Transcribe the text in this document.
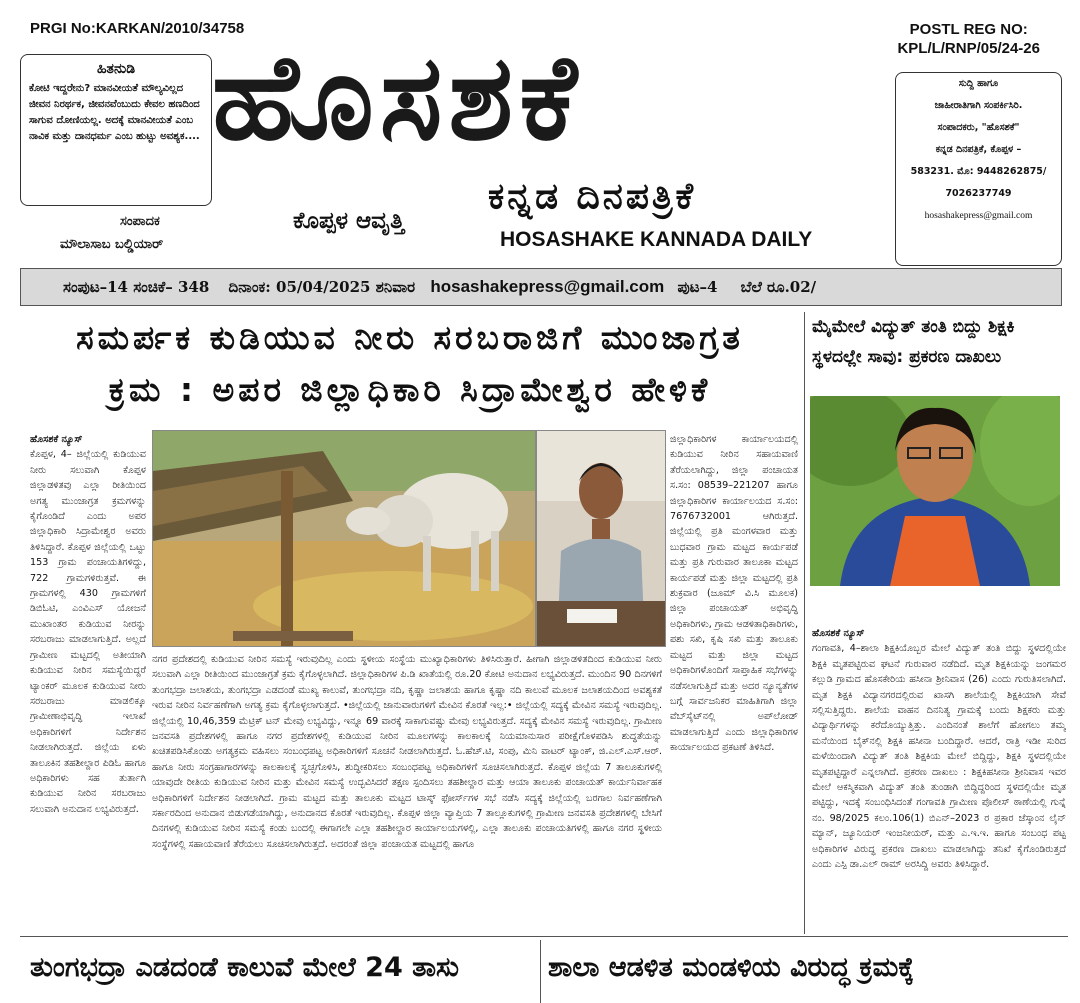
PRGI No:KARKAN/2010/34758	POSTL REG NO:
KPL/L/RNP/05/24-26
ಹಿತನುಡಿ
ಕೋಟಿ ಇದ್ದರೇನು? ಮಾನವೀಯತೆ ಮೌಲ್ಯವಿಲ್ಲದ ಜೀವನ ನಿರರ್ಥಕ, ಜೀವನವೆಂಬುದು ಕೇವಲ ಹಣದಿಂದ ಸಾಗುವ ದೋಣಿಯಲ್ಲ. ಅದಕ್ಕೆ ಮಾನವೀಯತೆ ಎಂಬ ನಾವಿಕ ಮತ್ತು ದಾನಧರ್ಮ ಎಂಬ ಹುಟ್ಟು ಅವಶ್ಯಕ.... ಹೊಸಶಕೆ
ಕನ್ನಡ ದಿನಪತ್ರಿಕೆ
HOSASHAKE KANNADA DAILY
ಕೊಪ್ಪಳ ಆವೃತ್ತಿ
ಸಂಪಾದಕ
ಮೌಲಾಸಾಬ ಬಲ್ಡಿಯಾರ್
ಸುದ್ದಿ ಹಾಗೂ
ಜಾಹೀರಾತಿಗಾಗಿ ಸಂಪರ್ಕಿಸಿರಿ.
ಸಂಪಾದಕರು, "ಹೊಸಶಕೆ"
ಕನ್ನಡ ದಿನಪತ್ರಿಕೆ, ಕೊಪ್ಪಳ –
583231. ಮೊ: 9448262875/
7026237749
hosashakepress@gmail.com
ಸಂಪುಟ–14 ಸಂಚಿಕೆ– 348 ದಿನಾಂಕ: 05/04/2025 ಶನಿವಾರ hosashakepress@gmail.com ಪುಟ–4 ಬೆಲೆ ರೂ.02/
ಸಮರ್ಪಕ ಕುಡಿಯುವ ನೀರು ಸರಬರಾಜಿಗೆ ಮುಂಜಾಗ್ರತ
ಕ್ರಮ : ಅಪರ ಜಿಲ್ಲಾಧಿಕಾರಿ ಸಿದ್ರಾಮೇಶ್ವರ ಹೇಳಿಕೆ
ಮೈಮೇಲೆ ವಿದ್ಯುತ್ ತಂತಿ ಬಿದ್ದು ಶಿಕ್ಷಕಿ ಸ್ಥಳದಲ್ಲೇ ಸಾವು: ಪ್ರಕರಣ ದಾಖಲು
ಹೊಸಶಕೆ ನ್ಯೂಸ್
ಕೊಪ್ಪಳ, 4– ಜಿಲ್ಲೆಯಲ್ಲಿ ಕುಡಿಯುವ ನೀರು ಸಲುವಾಗಿ ಕೊಪ್ಪಳ ಜಿಲ್ಲಾಡಳಿತವು ಎಲ್ಲಾ ರೀತಿಯಿಂದ ಅಗತ್ಯ ಮುಂಜಾಗ್ರತ ಕ್ರಮಗಳನ್ನು ಕೈಗೊಂಡಿದೆ ಎಂದು ಅಪರ ಜಿಲ್ಲಾಧಿಕಾರಿ ಸಿದ್ರಾಮೇಶ್ವರ ಅವರು ತಿಳಿಸಿದ್ದಾರೆ. ಕೊಪ್ಪಳ ಜಿಲ್ಲೆಯಲ್ಲಿ ಒಟ್ಟು 153 ಗ್ರಾಮ ಪಂಚಾಯತಿಗಳಿದ್ದು, 722 ಗ್ರಾಮಗಳಿರುತ್ತವೆ. ಈ ಗ್ರಾಮಗಳಲ್ಲಿ 430 ಗ್ರಾಮಗಳಿಗೆ ಡಿಬಿಓಟಿ, ಎಂವಿಎಸ್ ಯೋಜನೆ ಮುಖಾಂತರ ಕುಡಿಯುವ ನೀರನ್ನು ಸರಬರಾಜು ಮಾಡಲಾಗುತ್ತಿದೆ. ಅಲ್ಲದೆ ಗ್ರಾಮೀಣ ಮಟ್ಟದಲ್ಲಿ ಅತೀಯಾಗಿ ಕುಡಿಯುವ ನೀರಿನ ಸಮಸ್ಯೆಯಿದ್ದರೆ ಟ್ಯಾಂಕರ್ ಮೂಲಕ ಕುಡಿಯುವ ನೀರು ಸರಬರಾಜು ಮಾಡಲಿಕ್ಕೂ ಗ್ರಾಮೀಣಾಭಿವೃದ್ಧಿ ಇಲಾಖೆ ಅಧಿಕಾರಿಗಳಿಗೆ ನಿರ್ದೇಶನ ನೀಡಲಾಗಿರುತ್ತದೆ. ಜಿಲ್ಲೆಯ ಏಳು ತಾಲೂಕಿನ ತಹಶೀಲ್ದಾರ ಪಿಡಿಓ ಹಾಗೂ ಅಧಿಕಾರಿಗಳು ಸಹ ತುರ್ತಾಗಿ ಕುಡಿಯುವ ನೀರಿನ ಸರಬರಾಜು ಸಲುವಾಗಿ ಅನುದಾನ ಲಭ್ಯವಿರುತ್ತದೆ.
ನಗರ ಪ್ರದೇಶದಲ್ಲಿ ಕುಡಿಯುವ ನೀರಿನ ಸಮಸ್ಯೆ ಇರುವುದಿಲ್ಲ ಎಂದು ಸ್ಥಳೀಯ ಸಂಸ್ಥೆಯ ಮುಖ್ಯಾಧಿಕಾರಿಗಳು ತಿಳಿಸಿರುತ್ತಾರೆ. ಹೀಗಾಗಿ ಜಿಲ್ಲಾಡಳಿತದಿಂದ ಕುಡಿಯುವ ನೀರು ಸಲುವಾಗಿ ಎಲ್ಲಾ ರೀತಿಯಿಂದ ಮುಂಜಾಗ್ರತೆ ಕ್ರಮ ಕೈಗೊಳ್ಳಲಾಗಿದೆ. ಜಿಲ್ಲಾಧಿಕಾರಿಗಳ ಪಿ.ಡಿ ಖಾತೆಯಲ್ಲಿ ರೂ.20 ಕೋಟಿ ಅನುದಾನ ಲಭ್ಯವಿರುತ್ತದೆ. ಮುಂದಿನ 90 ದಿನಗಳಿಗೆ ತುಂಗಭದ್ರಾ ಜಲಾಶಯ, ತುಂಗಭದ್ರಾ ಎಡದಂಡೆ ಮುಖ್ಯ ಕಾಲುವೆ, ತುಂಗಭದ್ರಾ ನದಿ, ಕೃಷ್ಣಾ ಜಲಾಶಯ ಹಾಗೂ ಕೃಷ್ಣಾ ನದಿ ಕಾಲುವೆ ಮೂಲಕ ಜಲಾಶಯದಿಂದ ಅವಶ್ಯಕತೆ ಇರುವ ನೀರಿನ ನಿರ್ವಹಣೆಗಾಗಿ ಅಗತ್ಯ ಕ್ರಮ ಕೈಗೊಳ್ಳಲಾಗುತ್ತದೆ. •ಜಿಲ್ಲೆಯಲ್ಲಿ ಜಾನುವಾರುಗಳಿಗೆ ಮೇವಿನ ಕೊರತೆ ಇಲ್ಲ:• ಜಿಲ್ಲೆಯಲ್ಲಿ ಸದ್ಯಕ್ಕೆ ಮೇವಿನ ಸಮಸ್ಯೆ ಇರುವುದಿಲ್ಲ. ಜಿಲ್ಲೆಯಲ್ಲಿ 10,46,359 ಮೆಟ್ರಿಕ್ ಟನ್ ಮೇವು ಲಭ್ಯವಿದ್ದು, ಇನ್ನೂ 69 ವಾರಕ್ಕೆ ಸಾಕಾಗುವಷ್ಟು ಮೇವು ಲಭ್ಯವಿರುತ್ತದೆ. ಸದ್ಯಕ್ಕೆ ಮೇವಿನ ಸಮಸ್ಯೆ ಇರುವುದಿಲ್ಲ. ಗ್ರಾಮೀಣ ಜನವಸತಿ ಪ್ರದೇಶಗಳಲ್ಲಿ ಹಾಗೂ ನಗರ ಪ್ರದೇಶಗಳಲ್ಲಿ ಕುಡಿಯುವ ನೀರಿನ ಮೂಲಗಳನ್ನು ಕಾಲಕಾಲಕ್ಕೆ ನಿಯಮಾನುಸಾರ ಪರೀಕ್ಷೆಗೊಳಪಡಿಸಿ ಶುದ್ಧತೆಯನ್ನು ಖಚಿತಪಡಿಸಿಕೊಂಡು ಅಗತ್ಯಕ್ರಮ ವಹಿಸಲು ಸಂಬಂಧಪಟ್ಟ ಅಧಿಕಾರಿಗಳಿಗೆ ಸೂಚನೆ ನೀಡಲಾಗಿರುತ್ತದೆ. ಓ.ಹೆಚ್.ಟಿ, ಸಂಪು, ಮಿನಿ ವಾಟರ್ ಟ್ಯಾಂಕ್, ಜಿ.ಎಲ್.ಎಸ್.ಆರ್. ಹಾಗೂ ನೀರು ಸಂಗ್ರಹಾಗಾರಗಳನ್ನು ಕಾಲಕಾಲಕ್ಕೆ ಸ್ವಚ್ಛಗೊಳಿಸಿ, ಶುದ್ಧೀಕರಿಸಲು ಸಂಬಂಧಪಟ್ಟ ಅಧಿಕಾರಿಗಳಿಗೆ ಸೂಚಿಸಲಾಗಿರುತ್ತದೆ. ಕೊಪ್ಪಳ ಜಿಲ್ಲೆಯ 7 ತಾಲೂಕುಗಳಲ್ಲಿ ಯಾವುದೇ ರೀತಿಯ ಕುಡಿಯುವ ನೀರಿನ ಮತ್ತು ಮೇವಿನ ಸಮಸ್ಯೆ ಉದ್ಭವಿಸಿದರೆ ತಕ್ಷಣ ಸ್ಪಂದಿಸಲು ತಹಶೀಲ್ದಾರ ಮತ್ತು ಆಯಾ ತಾಲೂಕು ಪಂಚಾಯತ್ ಕಾರ್ಯನಿರ್ವಾಹಕ ಅಧಿಕಾರಿಗಳಿಗೆ ನಿರ್ದೇಶನ ನೀಡಲಾಗಿದೆ. ಗ್ರಾಮ ಮಟ್ಟದ ಮತ್ತು ತಾಲೂಕು ಮಟ್ಟದ ಟಾಸ್ಕ್ ಫೋರ್ಸ್‌ಗಳ ಸಭೆ ನಡೆಸಿ ಸದ್ಯಕ್ಕೆ ಜಿಲ್ಲೆಯಲ್ಲಿ ಬರಗಾಲ ನಿರ್ವಹಣೆಗಾಗಿ ಸರ್ಕಾರದಿಂದ ಅನುದಾನ ಬಿಡುಗಡೆಯಾಗಿದ್ದು, ಅನುದಾನದ ಕೊರತೆ ಇರುವುದಿಲ್ಲ. ಕೊಪ್ಪಳ ಜಿಲ್ಲಾ ವ್ಯಾಪ್ತಿಯ 7 ತಾಲ್ಲೂಕುಗಳಲ್ಲಿ ಗ್ರಾಮೀಣ ಜನವಸತಿ ಪ್ರದೇಶಗಳಲ್ಲಿ ಬೇಸಿಗೆ ದಿನಗಳಲ್ಲಿ ಕುಡಿಯುವ ನೀರಿನ ಸಮಸ್ಯೆ ಕಂಡು ಬಂದಲ್ಲಿ ಈಗಾಗಲೇ ಎಲ್ಲಾ ತಹಶೀಲ್ದಾರ ಕಾರ್ಯಾಲಯಗಳಲ್ಲಿ, ಎಲ್ಲಾ ತಾಲೂಕು ಪಂಚಾಯತಿಗಳಲ್ಲಿ ಹಾಗೂ ನಗರ ಸ್ಥಳೀಯ ಸಂಸ್ಥೆಗಳಲ್ಲಿ ಸಹಾಯವಾಣಿ ತೆರೆಯಲು ಸೂಚಿಸಲಾಗಿರುತ್ತದೆ. ಅದರಂತೆ ಜಿಲ್ಲಾ ಪಂಚಾಯತ ಮಟ್ಟದಲ್ಲಿ ಹಾಗೂ
ಜಿಲ್ಲಾಧಿಕಾರಿಗಳ ಕಾರ್ಯಾಲಯದಲ್ಲಿ ಕುಡಿಯುವ ನೀರಿನ ಸಹಾಯವಾಣಿ ತೆರೆಯಲಾಗಿದ್ದು, ಜಿಲ್ಲಾ ಪಂಚಾಯತ ಸ.ಸಂ: 08539–221207 ಹಾಗೂ ಜಿಲ್ಲಾಧಿಕಾರಿಗಳ ಕಾರ್ಯಾಲಯದ ಸ.ಸಂ: 7676732001 ಆಗಿರುತ್ತದೆ. ಜಿಲ್ಲೆಯಲ್ಲಿ ಪ್ರತಿ ಮಂಗಳವಾರ ಮತ್ತು ಬುಧವಾರ ಗ್ರಾಮ ಮಟ್ಟದ ಕಾರ್ಯಪಡೆ ಮತ್ತು ಪ್ರತಿ ಗುರುವಾರ ತಾಲೂಕಾ ಮಟ್ಟದ ಕಾರ್ಯಪಡೆ ಮತ್ತು ಜಿಲ್ಲಾ ಮಟ್ಟದಲ್ಲಿ ಪ್ರತಿ ಶುಕ್ರವಾರ (ಜೂಮ್ ವಿ.ಸಿ ಮೂಲಕ) ಜಿಲ್ಲಾ ಪಂಚಾಯತ್ ಅಭಿವೃದ್ಧಿ ಅಧಿಕಾರಿಗಳು, ಗ್ರಾಮ ಆಡಳಿತಾಧಿಕಾರಿಗಳು, ಪಶು ಸಖಿ, ಕೃಷಿ ಸಖಿ ಮತ್ತು ತಾಲೂಕು ಮಟ್ಟದ ಮತ್ತು ಜಿಲ್ಲಾ ಮಟ್ಟದ ಅಧಿಕಾರಿಗಳೊಂದಿಗೆ ಸಾಪ್ತಾಹಿಕ ಸಭೆಗಳನ್ನು ನಡೆಸಲಾಗುತ್ತಿದೆ ಮತ್ತು ಅದರ ನ್ಯೂನ್ಯತೆಗಳ ಬಗ್ಗೆ ಸಾರ್ವಜನಿಕರ ಮಾಹಿತಿಗಾಗಿ ಜಿಲ್ಲಾ ವೆಬ್‌ಸೈಟ್‌ನಲ್ಲಿ ಅಪ್‌ಲೋಡ್ ಮಾಡಲಾಗುತ್ತಿದೆ ಎಂದು ಜಿಲ್ಲಾಧಿಕಾರಿಗಳ ಕಾರ್ಯಾಲಯದ ಪ್ರಕಟಣೆ ತಿಳಿಸಿದೆ.
ಹೊಸಶಕೆ ನ್ಯೂಸ್
ಗಂಗಾವತಿ, 4–ಶಾಲಾ ಶಿಕ್ಷಕಿಯೊಬ್ಬರ ಮೇಲೆ ವಿದ್ಯುತ್ ತಂತಿ ಬಿದ್ದು ಸ್ಥಳದಲ್ಲಿಯೇ ಶಿಕ್ಷಕಿ ಮೃತಪಟ್ಟಿರುವ ಘಟನೆ ಗುರುವಾರ ನಡೆದಿದೆ. ಮೃತ ಶಿಕ್ಷಕಿಯನ್ನು ಜಂಗಮರ ಕಲ್ಲುಡಿ ಗ್ರಾಮದ ಹೊಸಕೇರಿಯ ಹಸೀನಾ ಶ್ರೀನಿವಾಸ (26) ಎಂದು ಗುರುತಿಸಲಾಗಿದೆ. ಮೃತ ಶಿಕ್ಷಕಿ ವಿದ್ಯಾನಗರದಲ್ಲಿರುವ ಖಾಸಗಿ ಶಾಲೆಯಲ್ಲಿ ಶಿಕ್ಷಕಿಯಾಗಿ ಸೇವೆ ಸಲ್ಲಿಸುತ್ತಿದ್ದರು. ಶಾಲೆಯ ವಾಹನ ದಿನನಿತ್ಯ ಗ್ರಾಮಕ್ಕೆ ಬಂದು ಶಿಕ್ಷಕರು ಮತ್ತು ವಿದ್ಯಾರ್ಥಿಗಳನ್ನು ಕರೆದೊಯ್ಯುತ್ತಿತ್ತು. ಎಂದಿನಂತೆ ಶಾಲೆಗೆ ಹೋಗಲು ತಮ್ಮ ಮನೆಯಿಂದ ಬೈಕ್‌ನಲ್ಲಿ ಶಿಕ್ಷಕಿ ಹಸೀನಾ ಬಂದಿದ್ದಾರೆ. ಆದರೆ, ರಾತ್ರಿ ಇಡೀ ಸುರಿದ ಮಳೆಯಿಂದಾಗಿ ವಿದ್ಯುತ್ ತಂತಿ ಶಿಕ್ಷಕಿಯ ಮೇಲೆ ಬಿದ್ದಿದ್ದು, ಶಿಕ್ಷಕಿ ಸ್ಥಳದಲ್ಲಿಯೇ ಮೃತಪಟ್ಟಿದ್ದಾರೆ ಎನ್ನಲಾಗಿದೆ. ಪ್ರಕರಣ ದಾಖಲು : ಶಿಕ್ಷಕಿಹಸೀನಾ ಶ್ರೀನಿವಾಸ ಇವರ ಮೇಲೆ ಆಕಸ್ಮಿಕವಾಗಿ ವಿದ್ಯುತ್ ತಂತಿ ತುಂಡಾಗಿ ಬಿದ್ದಿದ್ದರಿಂದ ಸ್ಥಳದಲ್ಲಿಯೇ ಮೃತ ಪಟ್ಟಿದ್ದು, ಇದಕ್ಕೆ ಸಂಬಂಧಿಸಿದಂತೆ ಗಂಗಾವತಿ ಗ್ರಾಮೀಣ ಪೊಲೀಸ್ ಠಾಣೆಯಲ್ಲಿ ಗುನ್ನೆ ನಂ. 98/2025 ಕಲಂ.106(1) ಬಿಎನ್–2023 ರ ಪ್ರಕಾರ ಜೆಸ್ಕಾಂನ ಲೈನ್ ಮ್ಯಾನ್, ಜ್ಯೂನಿಯರ್ ಇಂಜನೀಯರ್, ಮತ್ತು ಎ.ಇ.ಇ. ಹಾಗೂ ಸಂಬಂಧ ಪಟ್ಟ ಅಧಿಕಾರಿಗಳ ವಿರುದ್ಧ ಪ್ರಕರಣ ದಾಖಲು ಮಾಡಲಾಗಿದ್ದು ತನಿಖೆ ಕೈಗೊಂಡಿರುತ್ತದೆ ಎಂದು ಎಸ್ಪಿ ಡಾ.ಎಲ್ ರಾಮ್ ಅರಸಿದ್ದಿ ಅವರು ತಿಳಿಸಿದ್ದಾರೆ.
ತುಂಗಭದ್ರಾ ಎಡದಂಡೆ ಕಾಲುವೆ ಮೇಲೆ 24 ತಾಸು	ಶಾಲಾ ಆಡಳಿತ ಮಂಡಳಿಯ ವಿರುದ್ಧ ಕ್ರಮಕ್ಕೆ
